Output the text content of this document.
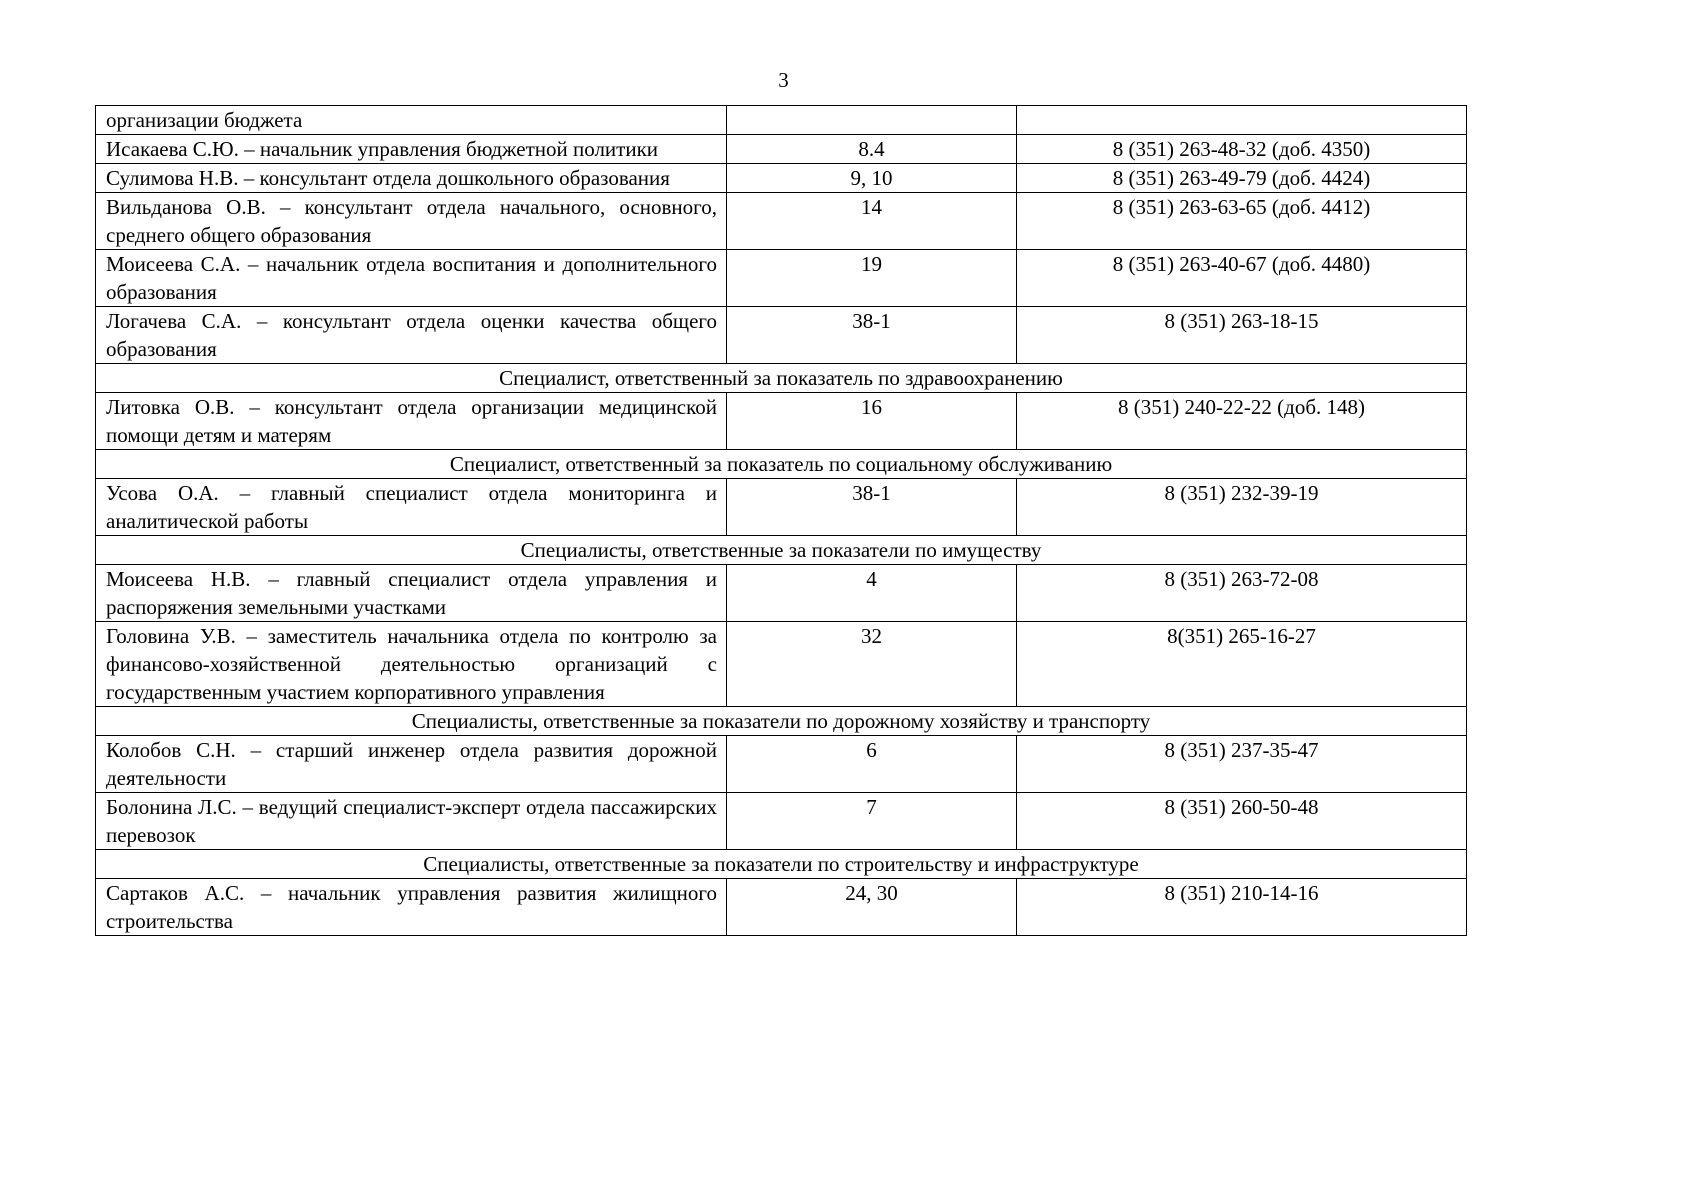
3
организации бюджета		
Исакаева С.Ю. – начальник управления бюджетной политики	8.4	8 (351) 263-48-32 (доб. 4350)
Сулимова Н.В. – консультант отдела дошкольного образования	9, 10	8 (351) 263-49-79 (доб. 4424)
Вильданова О.В. – консультант отдела начального, основного, среднего общего образования	14	8 (351) 263-63-65 (доб. 4412)
Моисеева С.А. – начальник отдела воспитания и дополнительного образования	19	8 (351) 263-40-67 (доб. 4480)
Логачева С.А. – консультант отдела оценки качества общего образования	38-1	8 (351) 263-18-15
Специалист, ответственный за показатель по здравоохранению		
Литовка О.В. – консультант отдела организации медицинской помощи детям и матерям	16	8 (351) 240-22-22 (доб. 148)
Специалист, ответственный за показатель по социальному обслуживанию		
Усова О.А. – главный специалист отдела мониторинга и аналитической работы	38-1	8 (351) 232-39-19
Специалисты, ответственные за показатели по имуществу		
Моисеева Н.В. – главный специалист отдела управления и распоряжения земельными участками	4	8 (351) 263-72-08
Головина У.В. – заместитель начальника отдела по контролю за финансово-хозяйственной деятельностью организаций с государственным участием корпоративного управления	32	8(351) 265-16-27
Специалисты, ответственные за показатели по дорожному хозяйству и транспорту		
Колобов С.Н. – старший инженер отдела развития дорожной деятельности	6	8 (351) 237-35-47
Болонина Л.С. – ведущий специалист-эксперт отдела пассажирских перевозок	7	8 (351) 260-50-48
Специалисты, ответственные за показатели по строительству и инфраструктуре		
Сартаков А.С. – начальник управления развития жилищного строительства	24, 30	8 (351) 210-14-16
